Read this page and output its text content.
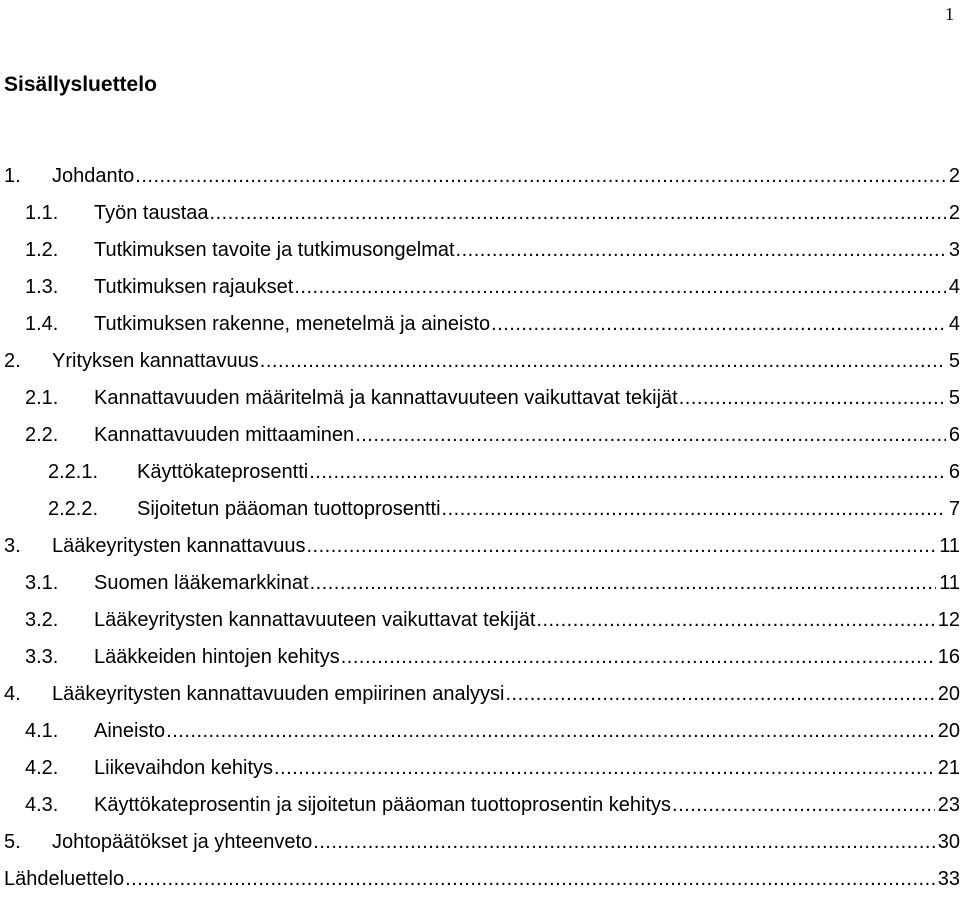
1
Sisällysluettelo
1. Johdanto .....	2
1.1. Työn taustaa .....	2
1.2. Tutkimuksen tavoite ja tutkimusongelmat .....	3
1.3. Tutkimuksen rajaukset .....	4
1.4. Tutkimuksen rakenne, menetelmä ja aineisto .....	4
2. Yrityksen kannattavuus .....	5
2.1. Kannattavuuden määritelmä ja kannattavuuteen vaikuttavat tekijät .....	5
2.2. Kannattavuuden mittaaminen .....	6
2.2.1. Käyttökateprosentti .....	6
2.2.2. Sijoitetun pääoman tuottoprosentti .....	7
3. Lääkeyritysten kannattavuus .....	11
3.1. Suomen lääkemarkkinat .....	11
3.2. Lääkeyritysten kannattavuuteen vaikuttavat tekijät .....	12
3.3. Lääkkeiden hintojen kehitys .....	16
4. Lääkeyritysten kannattavuuden empiirinen analyysi .....	20
4.1. Aineisto .....	20
4.2. Liikevaihdon kehitys .....	21
4.3. Käyttökateprosentin ja sijoitetun pääoman tuottoprosentin kehitys .....	23
5. Johtopäätökset ja yhteenveto .....	30
Lähdeluettelo .....	33
